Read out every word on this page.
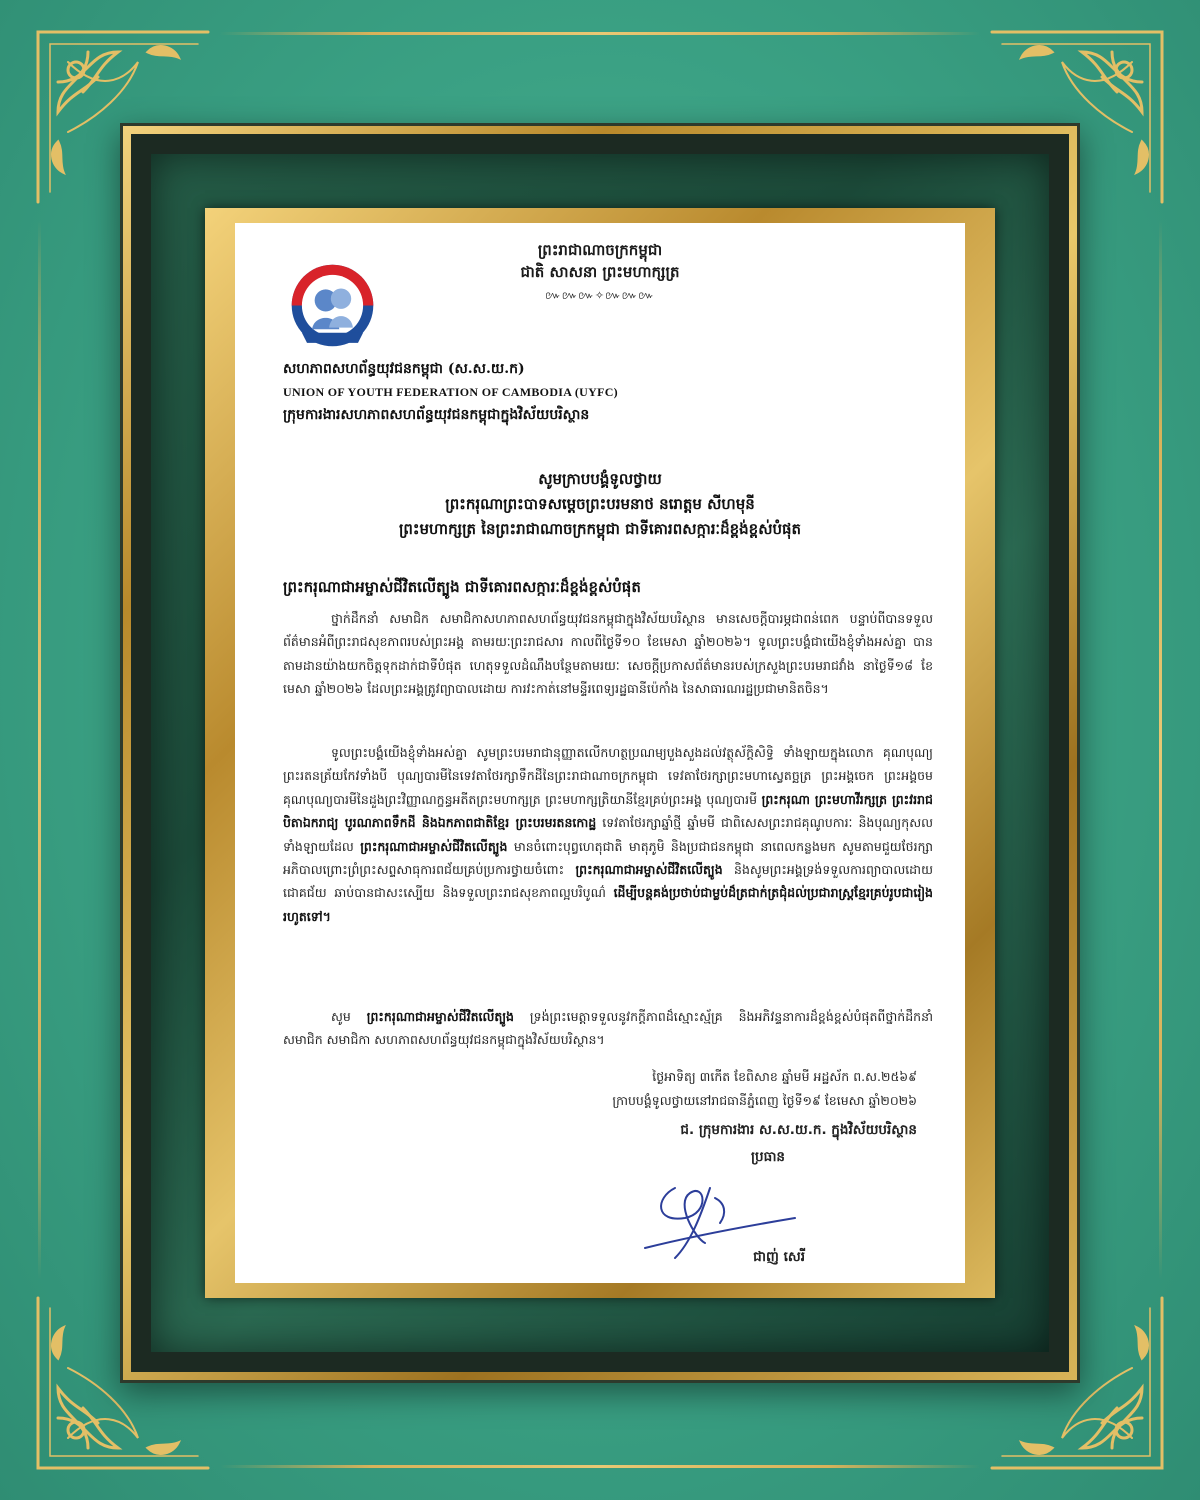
ព្រះរាជាណាចក្រកម្ពុជា
ជាតិ សាសនា ព្រះមហាក្សត្រ
៚៚៚✧៚៚៚
សហភាពសហព័ន្ធយុវជនកម្ពុជា (ស.ស.យ.ក)
UNION OF YOUTH FEDERATION OF CAMBODIA (UYFC)
ក្រុមការងារសហភាពសហព័ន្ធយុវជនកម្ពុជាក្នុងវិស័យបរិស្ថាន
សូមក្រាបបង្គំទូលថ្វាយ
ព្រះករុណាព្រះបាទសម្តេចព្រះបរមនាថ នរោត្តម សីហមុនី
ព្រះមហាក្សត្រ នៃព្រះរាជាណាចក្រកម្ពុជា ជាទីគោរពសក្ការៈដ៏ខ្ពង់ខ្ពស់បំផុត
ព្រះករុណាជាអម្ចាស់ជីវិតលើត្បូង ជាទីគោរពសក្ការៈដ៏ខ្ពង់ខ្ពស់បំផុត
ថ្នាក់ដឹកនាំ សមាជិក សមាជិកាសហភាពសហព័ន្ធយុវជនកម្ពុជាក្នុងវិស័យបរិស្ថាន មានសេចក្តីបារម្ភជាពន់ពេក បន្ទាប់ពីបានទទួលព័ត៌មានអំពីព្រះរាជសុខភាពរបស់ព្រះអង្គ តាមរយៈព្រះរាជសារ កាលពីថ្ងៃទី១០ ខែមេសា ឆ្នាំ២០២៦។ ទូលព្រះបង្គំជាយើងខ្ញុំទាំងអស់គ្នា បានតាមដានយ៉ាងយកចិត្តទុកដាក់ជាទីបំផុត ហេតុទទួលដំណឹងបន្ថែមតាមរយៈ សេចក្តីប្រកាសព័ត៌មានរបស់ក្រសួងព្រះបរមរាជវាំង នាថ្ងៃទី១៨ ខែមេសា ឆ្នាំ២០២៦ ដែលព្រះអង្គត្រូវព្យាបាលដោយ ការវះកាត់នៅមន្ទីរពេទ្យរដ្ឋធានីប៉េកាំង នៃសាធារណរដ្ឋប្រជាមានិតចិន។
ទូលព្រះបង្គំយើងខ្ញុំទាំងអស់គ្នា សូមព្រះបរមរាជានុញ្ញាតលើកហត្ថប្រណម្យបួងសួងដល់វត្ថុស័ក្តិសិទ្ធិ ទាំងឡាយក្នុងលោក គុណបុណ្យព្រះរតនត្រ័យកែវទាំងបី បុណ្យបារមីនៃទេវតាថែរក្សាទឹកដីនៃព្រះរាជាណាចក្រកម្ពុជា ទេវតាថែរក្សាព្រះមហាស្វេតច្ឆត្រ ព្រះអង្គចេក ព្រះអង្គចម គុណបុណ្យបារមីនៃដួងព្រះវិញ្ញាណក្ខន្ធអតីតព្រះមហាក្សត្រ ព្រះមហាក្សត្រិយានីខ្មែរគ្រប់ព្រះអង្គ បុណ្យបារមី ព្រះករុណា ព្រះមហាវីរក្សត្រ ព្រះវររាជបិតាឯករាជ្យ បូរណភាពទឹកដី និងឯកភាពជាតិខ្មែរ ព្រះបរមរតនកោដ្ឋ ទេវតាថែរក្សាឆ្នាំថ្មី ឆ្នាំមមី ជាពិសេសព្រះរាជគុណូបការៈ និងបុណ្យកុសលទាំងឡាយដែល ព្រះករុណាជាអម្ចាស់ជីវិតលើត្បូង មានចំពោះបុព្វហេតុជាតិ មាតុភូមិ និងប្រជាជនកម្ពុជា នាពេលកន្លងមក សូមតាមជួយថែរក្សាអភិបាលព្រោះព្រំព្រះសព្ទសាធុការពជ័យគ្រប់ប្រការថ្វាយចំពោះ ព្រះករុណាជាអម្ចាស់ជីវិតលើត្បូង និងសូមព្រះអង្គទ្រង់ទទួលការព្យាបាលដោយជោគជ័យ ឆាប់បានជាសះស្បើយ និងទទួលព្រះរាជសុខភាពល្អបរិបូណ៌ ដើម្បីបន្តគង់ប្រថាប់ជាម្លប់ដ៏ត្រជាក់ត្រជុំដល់ប្រជារាស្ត្រខ្មែរគ្រប់រូបជារៀងរហូតទៅ។
សូម ព្រះករុណាជាអម្ចាស់ជីវិតលើត្បូង ទ្រង់ព្រះមេត្តាទទួលនូវកក្តីភាពដ៏ស្មោះស្ម័គ្រ និងអភិវន្ទនាការដ៏ខ្ពង់ខ្ពស់បំផុតពីថ្នាក់ដឹកនាំ សមាជិក សមាជិកា សហភាពសហព័ន្ធយុវជនកម្ពុជាក្នុងវិស័យបរិស្ថាន។
ថ្ងៃអាទិត្យ ៣កើត ខែពិសាខ ឆ្នាំមមី អដ្ឋស័ក ព.ស.២៥៦៩
ក្រាបបង្គំទូលថ្វាយនៅរាជធានីភ្នំពេញ ថ្ងៃទី១៩ ខែមេសា ឆ្នាំ២០២៦
ជ. ក្រុមការងារ ស.ស.យ.ក. ក្នុងវិស័យបរិស្ថាន
ប្រធាន
ជាញ់ សេរី
